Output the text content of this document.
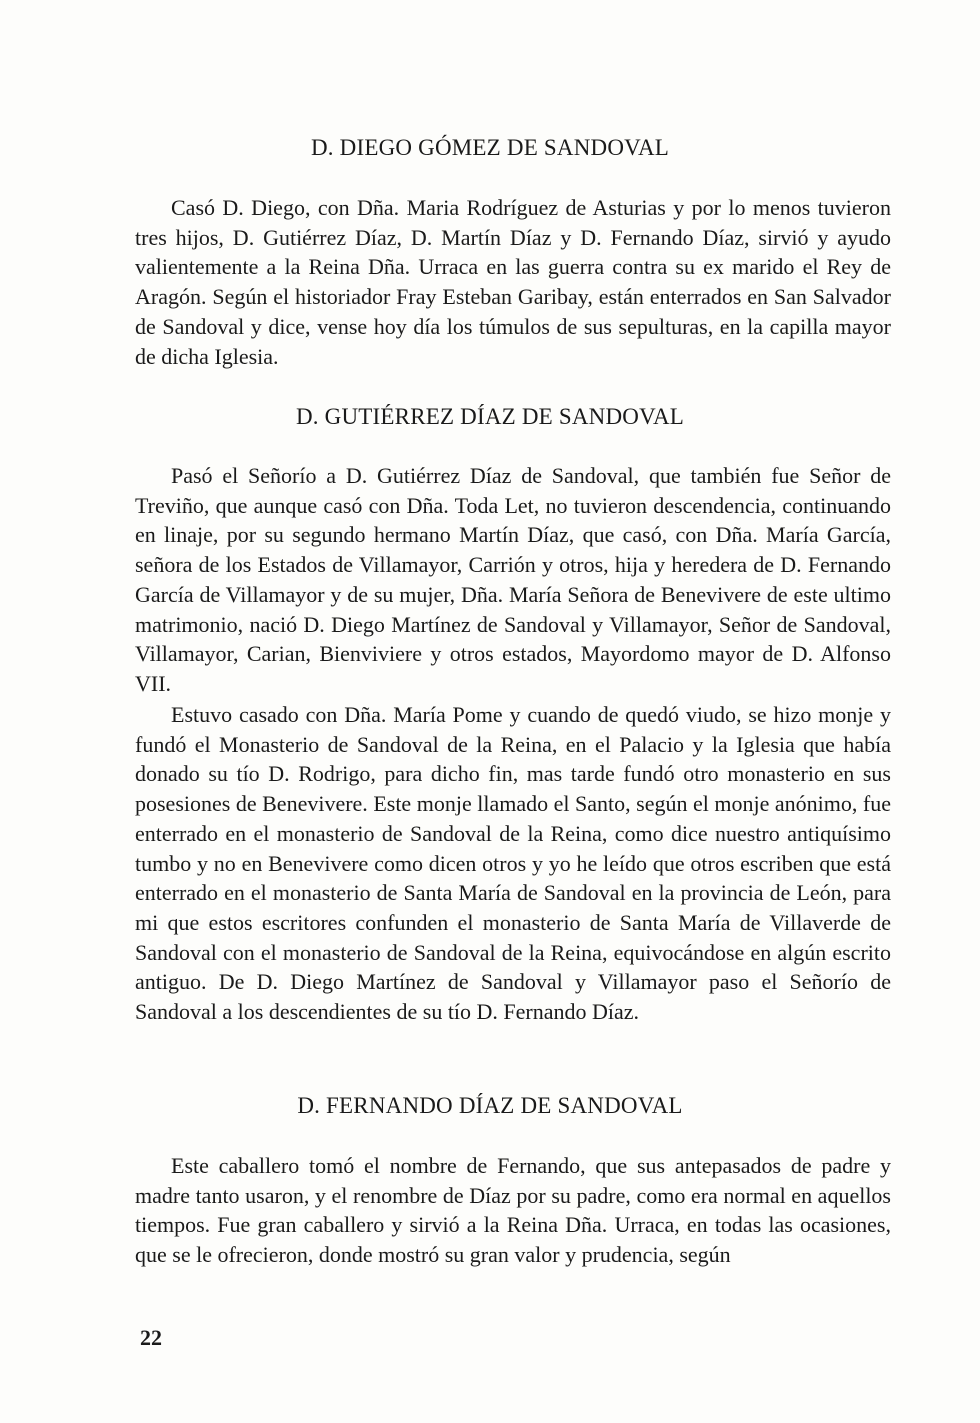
D. DIEGO GÓMEZ DE SANDOVAL

Casó D. Diego, con Dña. Maria Rodríguez de Asturias y por lo menos tuvieron tres hijos, D. Gutiérrez Díaz, D. Martín Díaz y D. Fernando Díaz, sirvió y ayudo valientemente a la Reina Dña. Urraca en las guerra contra su ex marido el Rey de Aragón. Según el historiador Fray Esteban Garibay, están enterrados en San Salvador de Sandoval y dice, vense hoy día los túmulos de sus sepulturas, en la capilla mayor de dicha Iglesia.

D. GUTIÉRREZ DÍAZ DE SANDOVAL

Pasó el Señorío a D. Gutiérrez Díaz de Sandoval, que también fue Señor de Treviño, que aunque casó con Dña. Toda Let, no tuvieron descendencia, continuando en linaje, por su segundo hermano Martín Díaz, que casó, con Dña. María García, señora de los Estados de Villamayor, Carrión y otros, hija y heredera de D. Fernando García de Villamayor y de su mujer, Dña. María Señora de Benevivere de este ultimo matrimonio, nació D. Diego Martínez de Sandoval y Villamayor, Señor de Sandoval, Villamayor, Carian, Bienviviere y otros estados, Mayordomo mayor de D. Alfonso VII.

Estuvo casado con Dña. María Pome y cuando de quedó viudo, se hizo monje y fundó el Monasterio de Sandoval de la Reina, en el Palacio y la Iglesia que había donado su tío D. Rodrigo, para dicho fin, mas tarde fundó otro monasterio en sus posesiones de Benevivere. Este monje llamado el Santo, según el monje anónimo, fue enterrado en el monasterio de Sandoval de la Reina, como dice nuestro antiquísimo tumbo y no en Benevivere como dicen otros y yo he leído que otros escriben que está enterrado en el monasterio de Santa María de Sandoval en la provincia de León, para mi que estos escritores confunden el monasterio de Santa María de Villaverde de Sandoval con el monasterio de Sandoval de la Reina, equivocándose en algún escrito antiguo. De D. Diego Martínez de Sandoval y Villamayor paso el Señorío de Sandoval a los descendientes de su tío D. Fernando Díaz.

D. FERNANDO DÍAZ DE SANDOVAL

Este caballero tomó el nombre de Fernando, que sus antepasados de padre y madre tanto usaron, y el renombre de Díaz por su padre, como era normal en aquellos tiempos. Fue gran caballero y sirvió a la Reina Dña. Urraca, en todas las ocasiones, que se le ofrecieron, donde mostró su gran valor y prudencia, según

22
